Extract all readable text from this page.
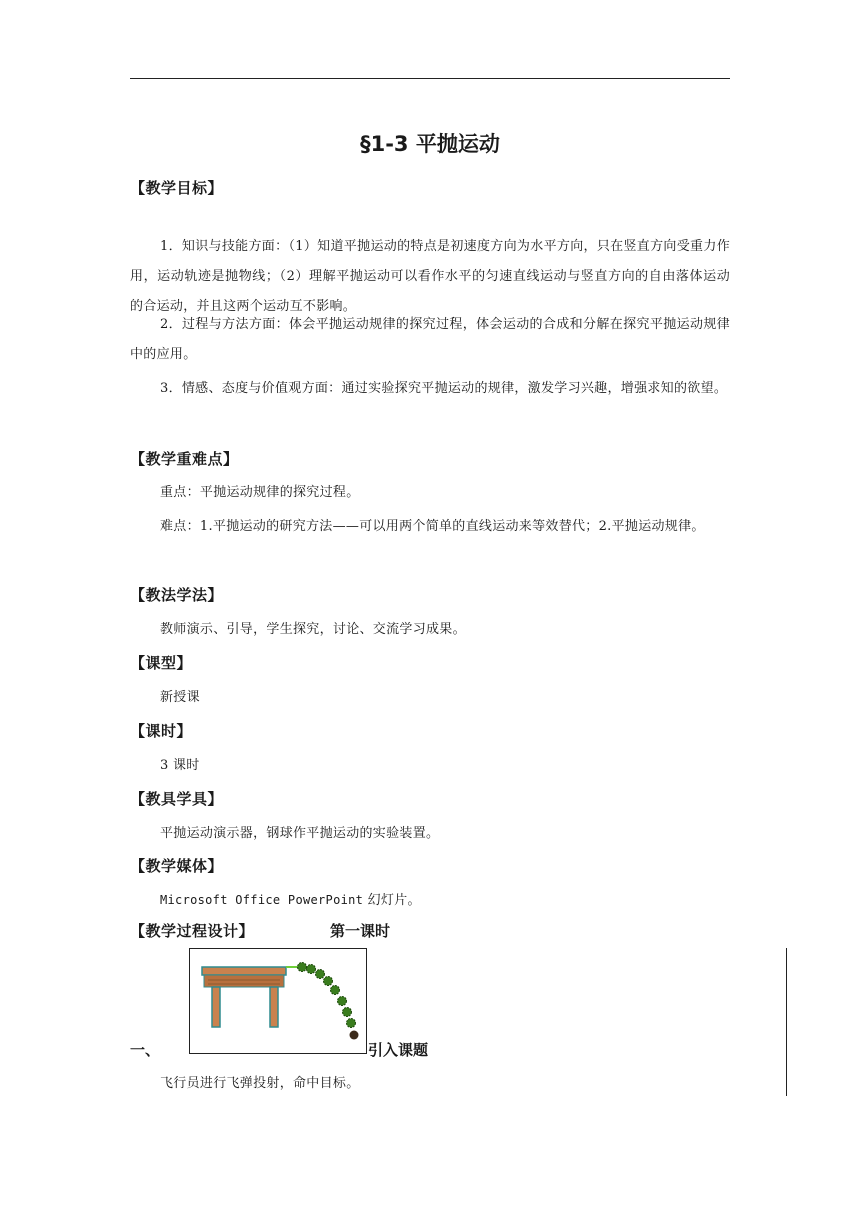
§1-3 平抛运动
【教学目标】
1．知识与技能方面：（1）知道平抛运动的特点是初速度方向为水平方向，只在竖直方向受重力作用，运动轨迹是抛物线；（2）理解平抛运动可以看作水平的匀速直线运动与竖直方向的自由落体运动的合运动，并且这两个运动互不影响。
2．过程与方法方面：体会平抛运动规律的探究过程，体会运动的合成和分解在探究平抛运动规律中的应用。
3．情感、态度与价值观方面：通过实验探究平抛运动的规律，激发学习兴趣，增强求知的欲望。
【教学重难点】
重点：平抛运动规律的探究过程。
难点：1.平抛运动的研究方法——可以用两个简单的直线运动来等效替代；2.平抛运动规律。
【教法学法】
教师演示、引导，学生探究，讨论、交流学习成果。
【课型】
新授课
【课时】
3 课时
【教具学具】
平抛运动演示器，钢球作平抛运动的实验装置。
【教学媒体】
Microsoft Office PowerPoint 幻灯片。
【教学过程设计】	第一课时
一、	引入课题
飞行员进行飞弹投射，命中目标。
